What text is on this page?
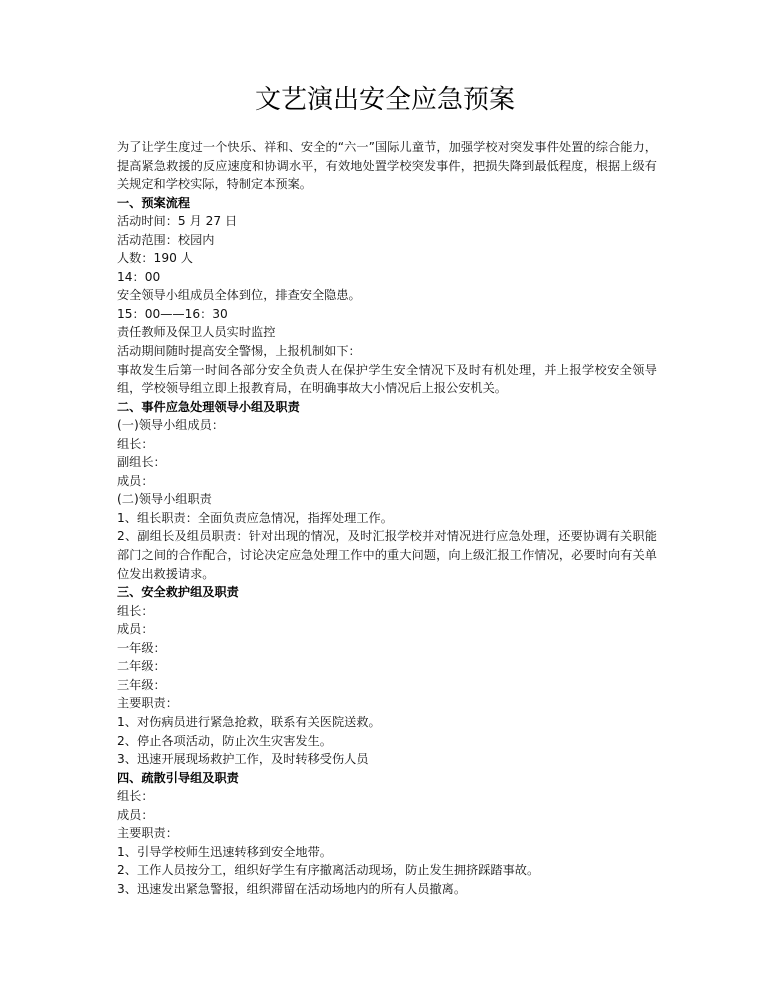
文艺演出安全应急预案

为了让学生度过一个快乐、祥和、安全的“六一”国际儿童节，加强学校对突发事件处置的综合能力，提高紧急救援的反应速度和协调水平，有效地处置学校突发事件，把损失降到最低程度，根据上级有关规定和学校实际，特制定本预案。

一、预案流程

活动时间：5 月 27 日

活动范围：校园内

人数：190 人

14：00

安全领导小组成员全体到位，排查安全隐患。

15：00——16：30

责任教师及保卫人员实时监控

活动期间随时提高安全警惕，上报机制如下：

事故发生后第一时间各部分安全负责人在保护学生安全情况下及时有机处理，并上报学校安全领导组，学校领导组立即上报教育局，在明确事故大小情况后上报公安机关。

二、事件应急处理领导小组及职责

(一)领导小组成员：

组长：

副组长：

成员：

(二)领导小组职责

1、组长职责：全面负责应急情况，指挥处理工作。

2、副组长及组员职责：针对出现的情况，及时汇报学校并对情况进行应急处理，还要协调有关职能部门之间的合作配合，讨论决定应急处理工作中的重大问题，向上级汇报工作情况，必要时向有关单位发出救援请求。

三、安全救护组及职责

组长：

成员：

一年级：

二年级：

三年级：

主要职责：

1、对伤病员进行紧急抢救，联系有关医院送救。

2、停止各项活动，防止次生灾害发生。

3、迅速开展现场救护工作，及时转移受伤人员

四、疏散引导组及职责

组长：

成员：

主要职责：

1、引导学校师生迅速转移到安全地带。

2、工作人员按分工，组织好学生有序撤离活动现场，防止发生拥挤踩踏事故。

3、迅速发出紧急警报，组织滞留在活动场地内的所有人员撤离。
